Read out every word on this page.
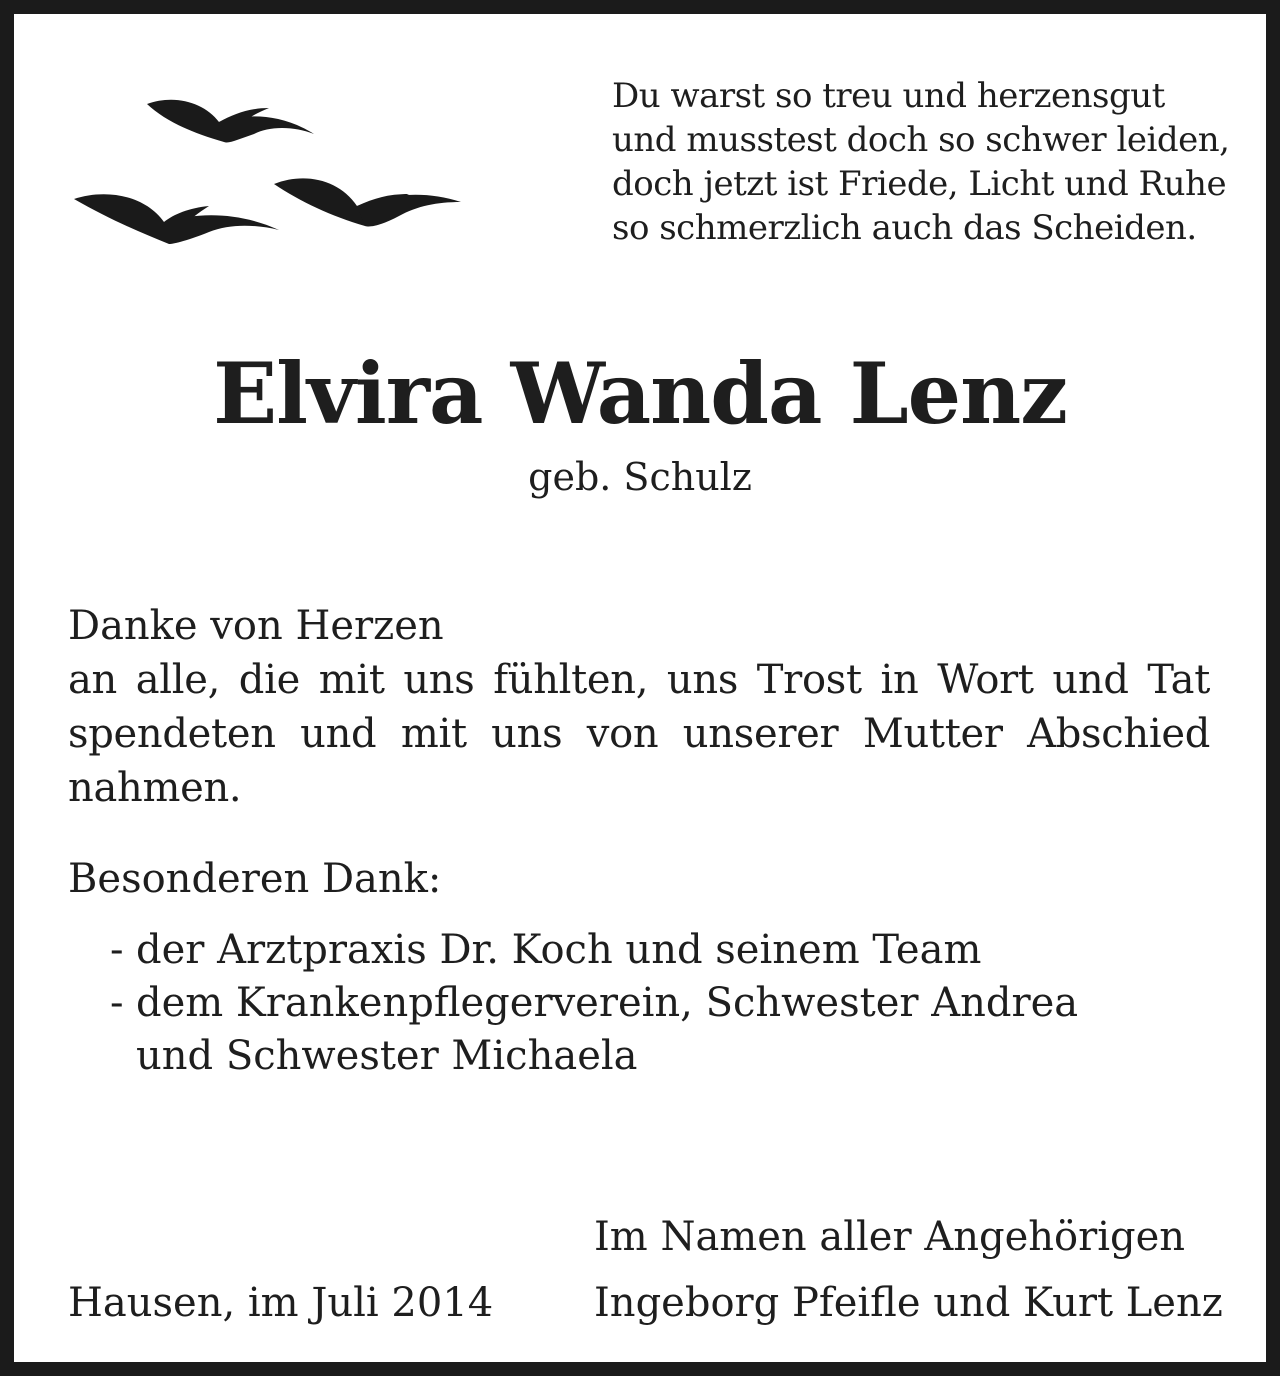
Du warst so treu und herzensgut
und musstest doch so schwer leiden,
doch jetzt ist Friede, Licht und Ruhe
so schmerzlich auch das Scheiden.
Elvira Wanda Lenz
geb. Schulz
Danke von Herzen
an alle, die mit uns fühlten, uns Trost in Wort und Tat spendeten und mit uns von unserer Mutter Abschied nahmen.
Besonderen Dank:
- der Arztpraxis Dr. Koch und seinem Team
- dem Krankenpflegerverein, Schwester Andrea
und Schwester Michaela
Im Namen aller Angehörigen
Ingeborg Pfeifle und Kurt Lenz
Hausen, im Juli 2014
